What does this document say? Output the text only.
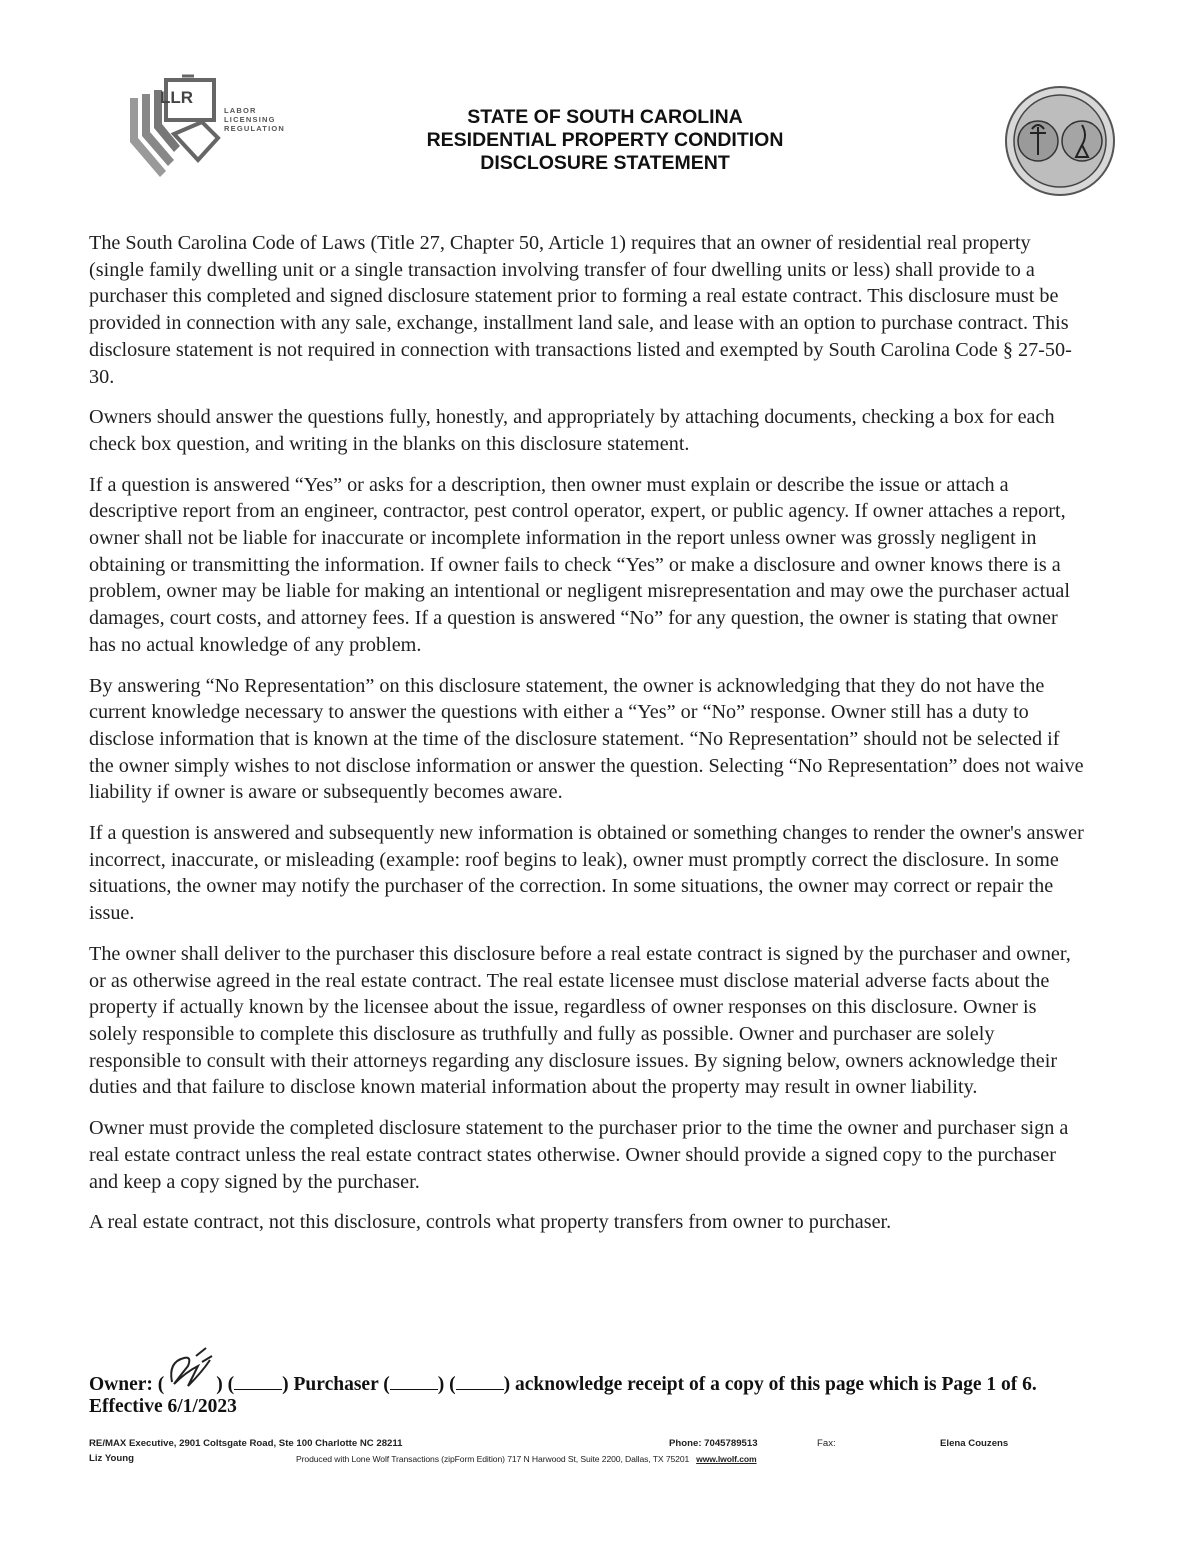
LLR
LABOR
LICENSING
REGULATION
STATE OF SOUTH CAROLINA
RESIDENTIAL PROPERTY CONDITION
DISCLOSURE STATEMENT

The South Carolina Code of Laws (Title 27, Chapter 50, Article 1) requires that an owner of residential real property (single family dwelling unit or a single transaction involving transfer of four dwelling units or less) shall provide to a purchaser this completed and signed disclosure statement prior to forming a real estate contract. This disclosure must be provided in connection with any sale, exchange, installment land sale, and lease with an option to purchase contract. This disclosure statement is not required in connection with transactions listed and exempted by South Carolina Code § 27-50-30.

Owners should answer the questions fully, honestly, and appropriately by attaching documents, checking a box for each check box question, and writing in the blanks on this disclosure statement.

If a question is answered “Yes” or asks for a description, then owner must explain or describe the issue or attach a descriptive report from an engineer, contractor, pest control operator, expert, or public agency. If owner attaches a report, owner shall not be liable for inaccurate or incomplete information in the report unless owner was grossly negligent in obtaining or transmitting the information. If owner fails to check “Yes” or make a disclosure and owner knows there is a problem, owner may be liable for making an intentional or negligent misrepresentation and may owe the purchaser actual damages, court costs, and attorney fees. If a question is answered “No” for any question, the owner is stating that owner has no actual knowledge of any problem.

By answering “No Representation” on this disclosure statement, the owner is acknowledging that they do not have the current knowledge necessary to answer the questions with either a “Yes” or “No” response. Owner still has a duty to disclose information that is known at the time of the disclosure statement. “No Representation” should not be selected if the owner simply wishes to not disclose information or answer the question. Selecting “No Representation” does not waive liability if owner is aware or subsequently becomes aware.

If a question is answered and subsequently new information is obtained or something changes to render the owner's answer incorrect, inaccurate, or misleading (example: roof begins to leak), owner must promptly correct the disclosure. In some situations, the owner may notify the purchaser of the correction. In some situations, the owner may correct or repair the issue.

The owner shall deliver to the purchaser this disclosure before a real estate contract is signed by the purchaser and owner, or as otherwise agreed in the real estate contract. The real estate licensee must disclose material adverse facts about the property if actually known by the licensee about the issue, regardless of owner responses on this disclosure. Owner is solely responsible to complete this disclosure as truthfully and fully as possible. Owner and purchaser are solely responsible to consult with their attorneys regarding any disclosure issues. By signing below, owners acknowledge their duties and that failure to disclose known material information about the property may result in owner liability.

Owner must provide the completed disclosure statement to the purchaser prior to the time the owner and purchaser sign a real estate contract unless the real estate contract states otherwise. Owner should provide a signed copy to the purchaser and keep a copy signed by the purchaser.

A real estate contract, not this disclosure, controls what property transfers from owner to purchaser.

Owner: (	) ( ) Purchaser ( ) ( ) acknowledge receipt of a copy of this page which is Page 1 of 6.
Effective 6/1/2023
RE/MAX Executive, 2901 Coltsgate Road, Ste 100 Charlotte NC 28211	Phone: 7045789513	Fax:	Elena Couzens
Liz Young	Produced with Lone Wolf Transactions (zipForm Edition) 717 N Harwood St, Suite 2200, Dallas, TX 75201 www.lwolf.com
